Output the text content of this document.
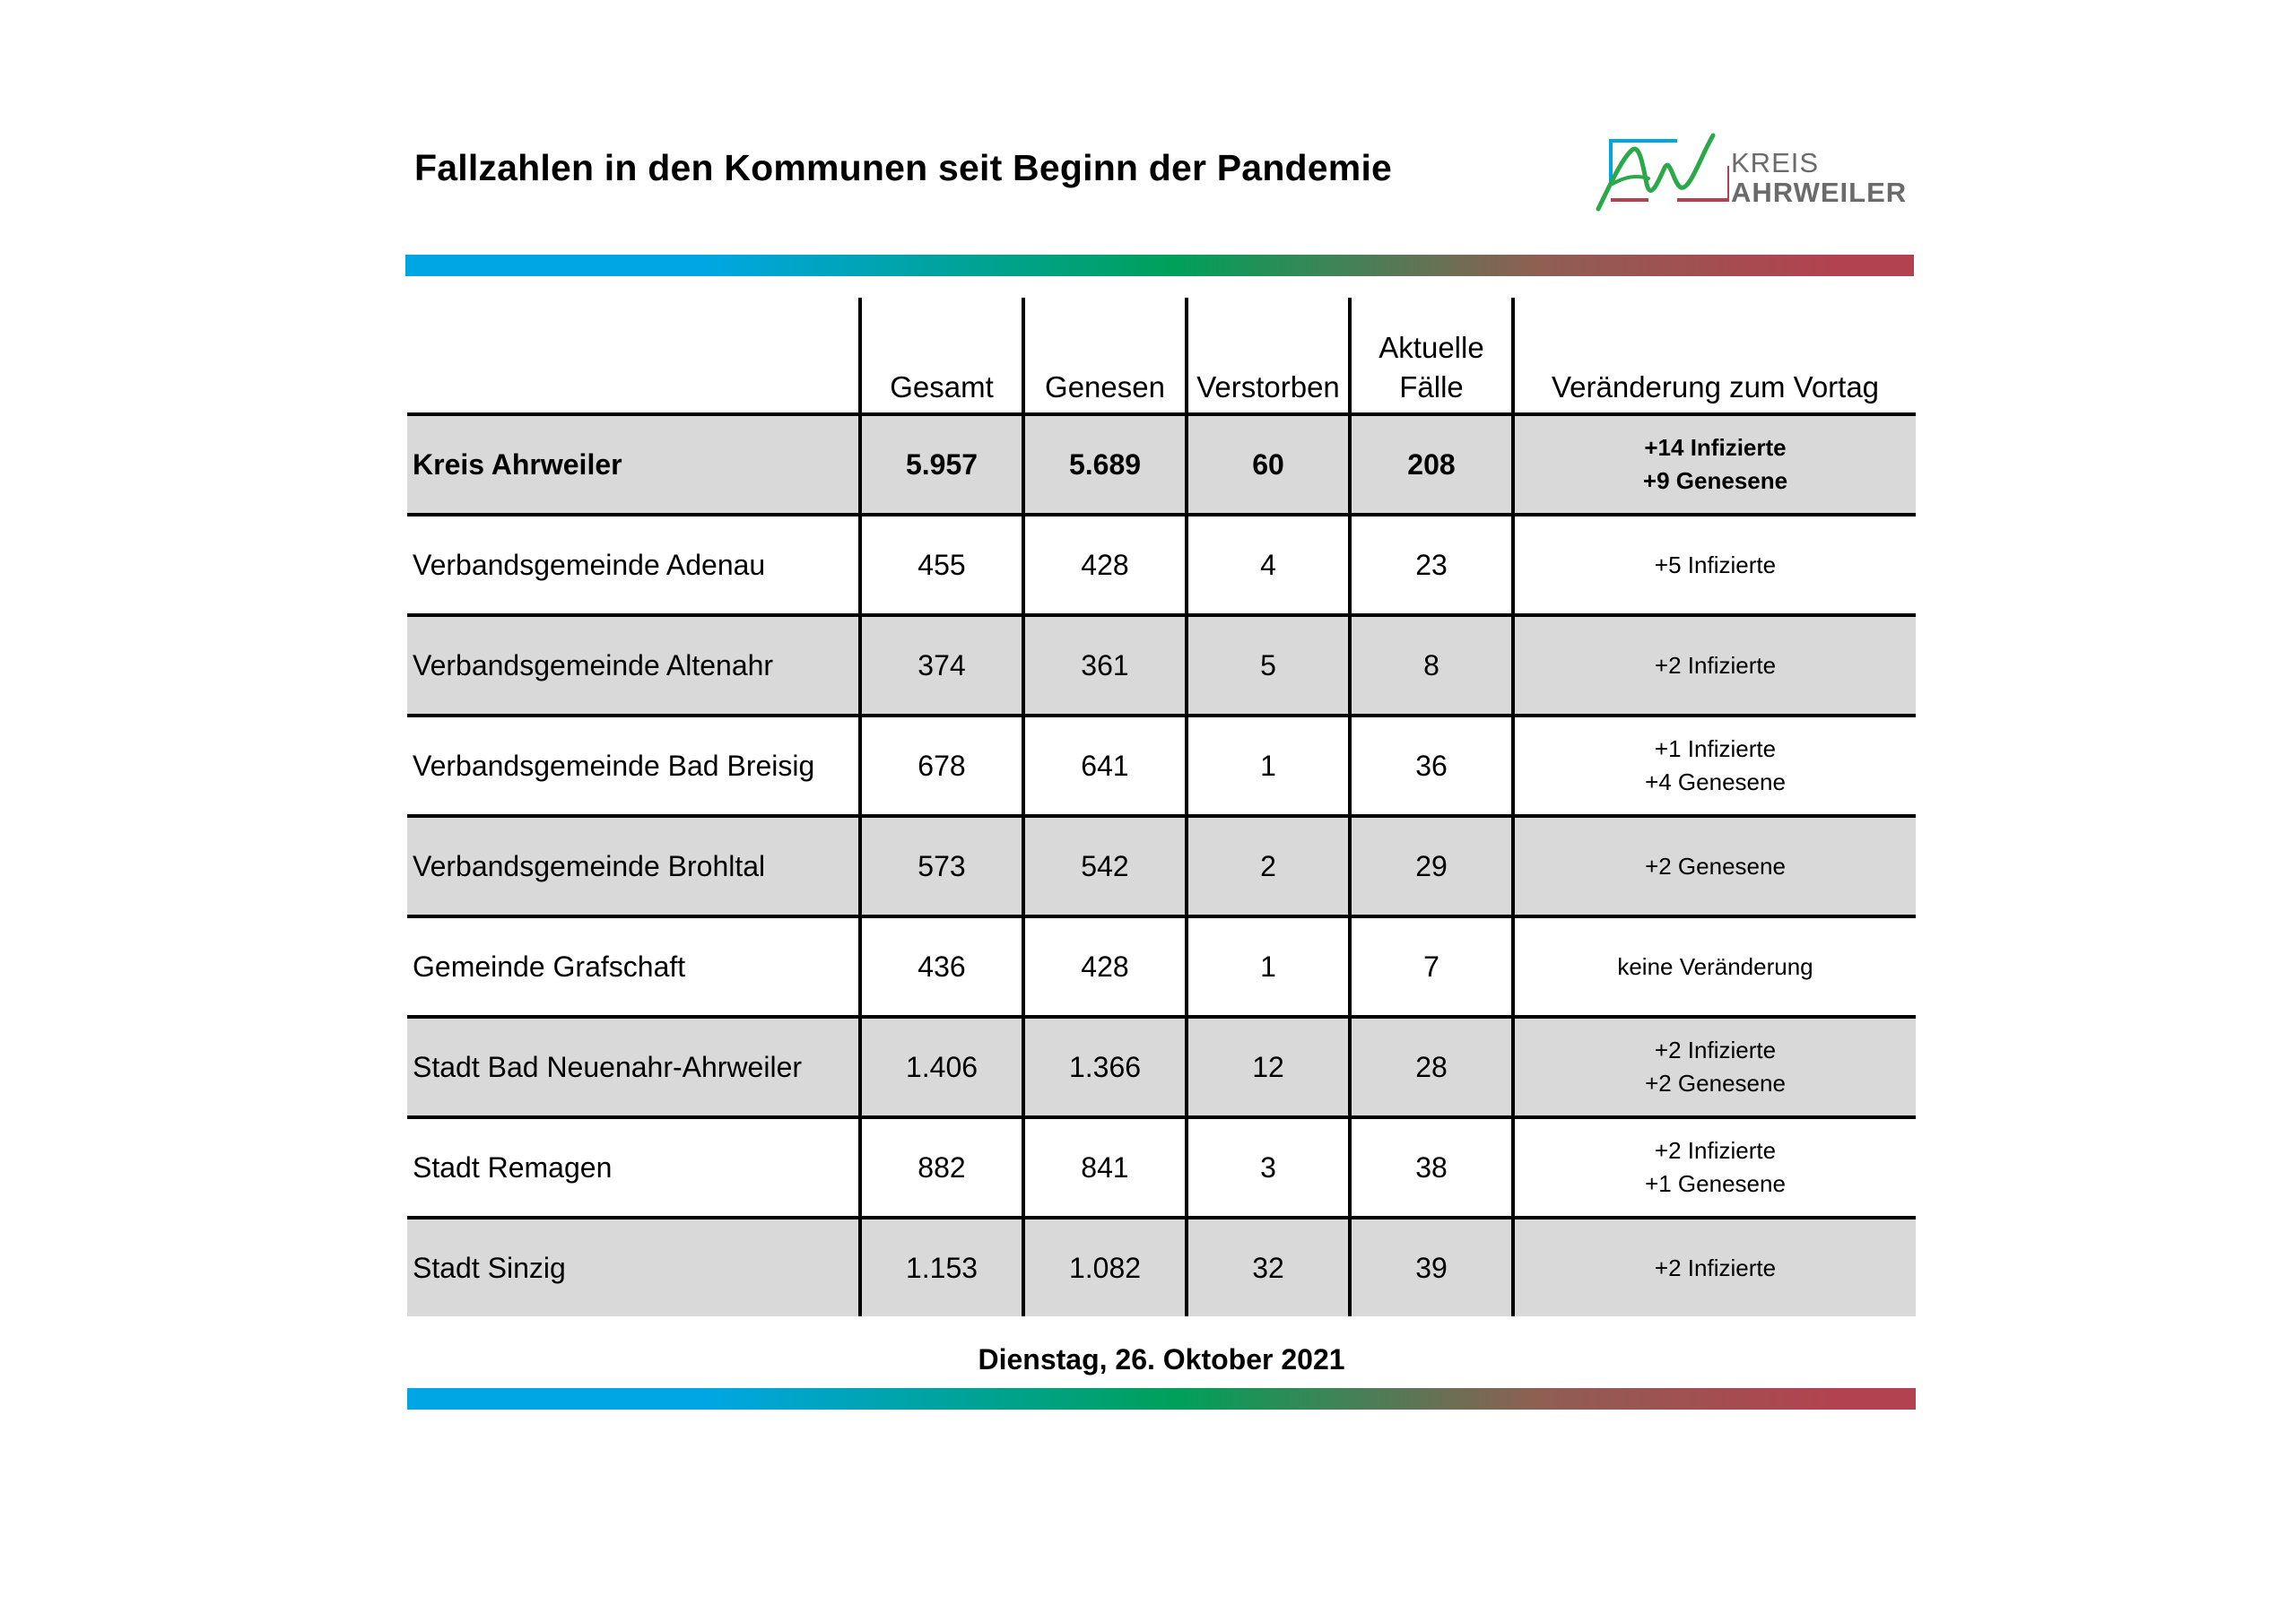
Fallzahlen in den Kommunen seit Beginn der Pandemie	KREIS
AHRWEILER
	Gesamt	Genesen	Verstorben	Aktuelle
Fälle	Veränderung zum Vortag
Kreis Ahrweiler	5.957	5.689	60	208	+14 Infizierte
+9 Genesene

Verbandsgemeinde Adenau	455	428	4	23	+5 Infizierte

Verbandsgemeinde Altenahr	374	361	5	8	+2 Infizierte

Verbandsgemeinde Bad Breisig	678	641	1	36	+1 Infizierte
+4 Genesene

Verbandsgemeinde Brohltal	573	542	2	29	+2 Genesene

Gemeinde Grafschaft	436	428	1	7	keine Veränderung

Stadt Bad Neuenahr-Ahrweiler	1.406	1.366	12	28	+2 Infizierte
+2 Genesene

Stadt Remagen	882	841	3	38	+2 Infizierte
+1 Genesene

Stadt Sinzig	1.153	1.082	32	39	+2 Infizierte
Dienstag, 26. Oktober 2021
